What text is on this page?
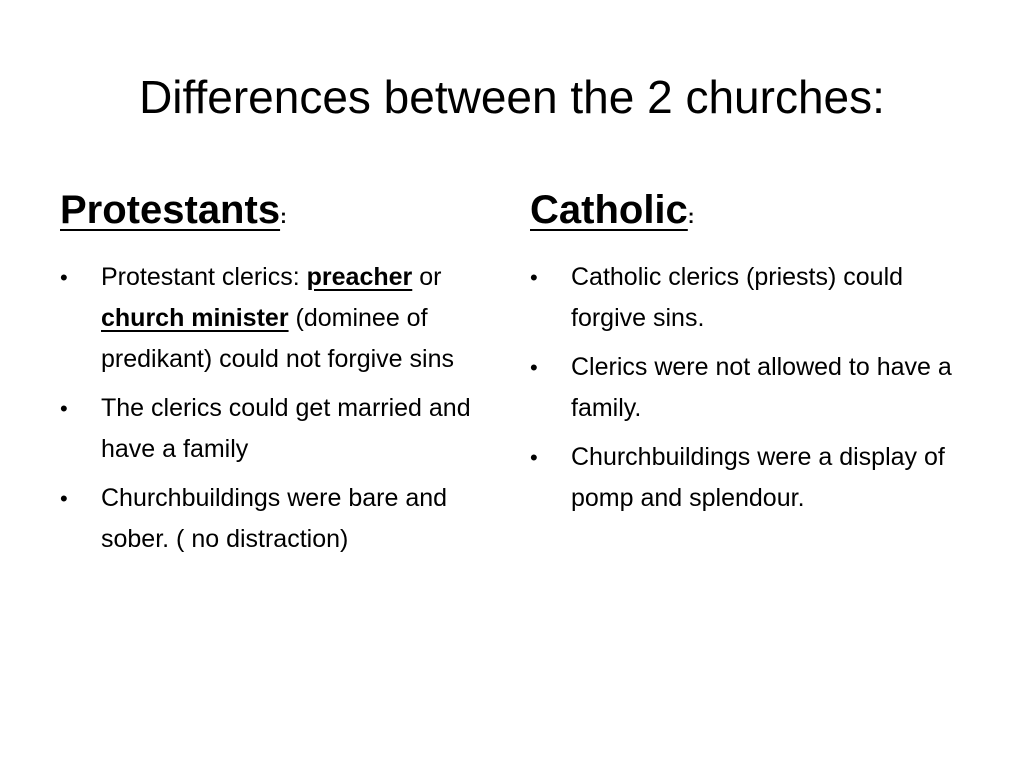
Differences between the 2 churches:
Protestants:
•	Protestant clerics: preacher or church minister (dominee of predikant) could not forgive sins
•	The clerics could get married and have a family
•	Churchbuildings were bare and sober. ( no distraction)
Catholic:
•	Catholic clerics (priests) could forgive sins.
•	Clerics were not allowed to have a family.
•	Churchbuildings were a display of pomp and splendour.
